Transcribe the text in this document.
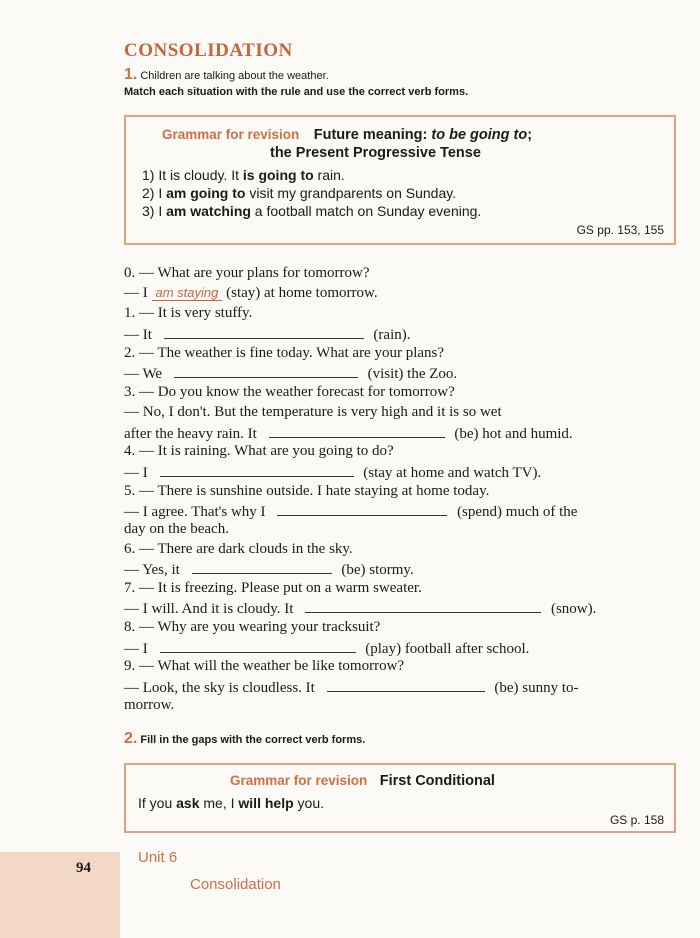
94
Unit 6
Consolidation
CONSOLIDATION
1. Children are talking about the weather.
Match each situation with the rule and use the correct verb forms.
Grammar for revision Future meaning: to be going to;
the Present Progressive Tense
1) It is cloudy. It is going to rain.
2) I am going to visit my grandparents on Sunday.
3) I am watching a football match on Sunday evening.
GS pp. 153, 155
0. — What are your plans for tomorrow?
— I am staying (stay) at home tomorrow.
1. — It is very stuffy.
— It	(rain).
2. — The weather is fine today. What are your plans?
— We	(visit) the Zoo.
3. — Do you know the weather forecast for tomorrow?
— No, I don't. But the temperature is very high and it is so wet
after the heavy rain. It	(be) hot and humid.
4. — It is raining. What are you going to do?
— I	(stay at home and watch TV).
5. — There is sunshine outside. I hate staying at home today.
— I agree. That's why I	(spend) much of the
day on the beach.
6. — There are dark clouds in the sky.
— Yes, it	(be) stormy.
7. — It is freezing. Please put on a warm sweater.
— I will. And it is cloudy. It	(snow).
8. — Why are you wearing your tracksuit?
— I	(play) football after school.
9. — What will the weather be like tomorrow?
— Look, the sky is cloudless. It	(be) sunny to-
morrow.
2. Fill in the gaps with the correct verb forms.
Grammar for revision First Conditional
If you ask me, I will help you.
GS p. 158
